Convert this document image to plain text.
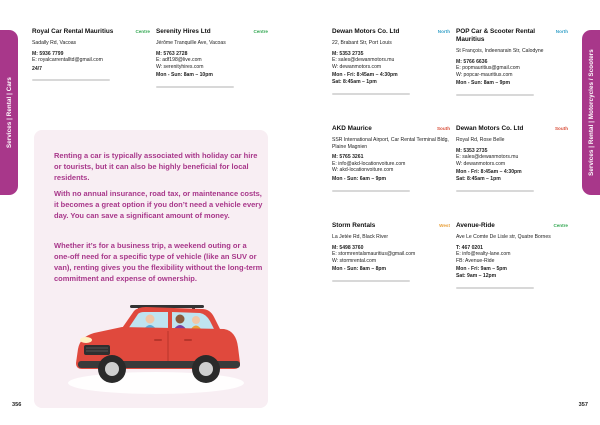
Services | Rental | Cars
Royal Car Rental Mauritius	Centre
Sadally Rd, Vacoas
M: 5936 7799
E: royalcarrentalltd@gmail.com
24/7
Serenity Hires Ltd	Centre
Jérôme Tranquille Ave, Vacoas
M: 5763 2728
E: adf198@live.com
W: serenityhires.com
Mon - Sun: 8am – 10pm

Renting a car is typically associated with holiday car hire or tourists, but it can also be highly beneficial for local residents.

With no annual insurance, road tax, or maintenance costs, it becomes a great option if you don’t need a vehicle every day. You can save a significant amount of money.

Whether it’s for a business trip, a weekend outing or a one-off need for a specific type of vehicle (like an SUV or van), renting gives you the flexibility without the long-term commitment and expense of ownership.

356
Services | Rental | Motorcycles / Scooters
Dewan Motors Co. Ltd	North
22, Brabant Str, Port Louis
M: 5353 2735
E: sales@dewanmotors.mu
W: dewanmotors.com
Mon - Fri: 8:45am – 4:30pm
Sat: 8:45am – 1pm
POP Car & Scooter Rental Mauritius
North
St François, Indeenarain Str, Calodyne
M: 5766 6636
E: popmauritius@gmail.com
W: popcar-mauritius.com
Mon - Sun: 8am – 9pm
AKD Maurice	South
SSR International Airport, Car Rental Terminal Bldg, Plaine Magnien
M: 5765 3261
E: info@akd-locationvoiture.com
W: akd-locationvoiture.com
Mon - Sun: 6am – 9pm
Dewan Motors Co. Ltd	South
Royal Rd, Rose Belle
M: 5353 2735
E: sales@dewanmotors.mu
W: dewanmotors.com
Mon - Fri: 8:45am – 4:30pm
Sat: 8:45am – 1pm
Storm Rentals	West
La Jetée Rd, Black River
M: 5498 3760
E: stormrentalsmauritius@gmail.com
W: stormrental.com
Mon - Sun: 8am – 8pm
Avenue-Ride	Centre
Ave Le Comte De Lisle str, Quatre Bornes
T: 467 0201
E: info@realty-lane.com
FB: Avenue-Ride
Mon - Fri: 9am – 5pm
Sat: 9am – 12pm
357
